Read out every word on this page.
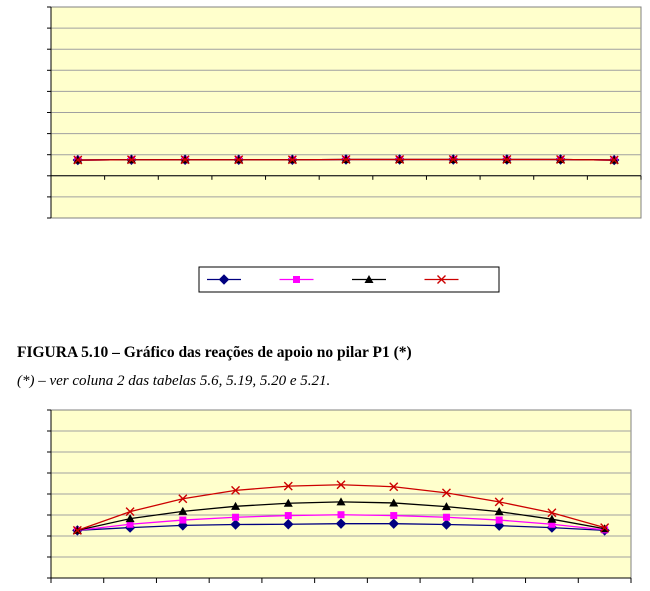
FIGURA 5.10 – Gráfico das reações de apoio no pilar P1 (*)
(*) – ver coluna 2 das tabelas 5.6, 5.19, 5.20 e 5.21.
